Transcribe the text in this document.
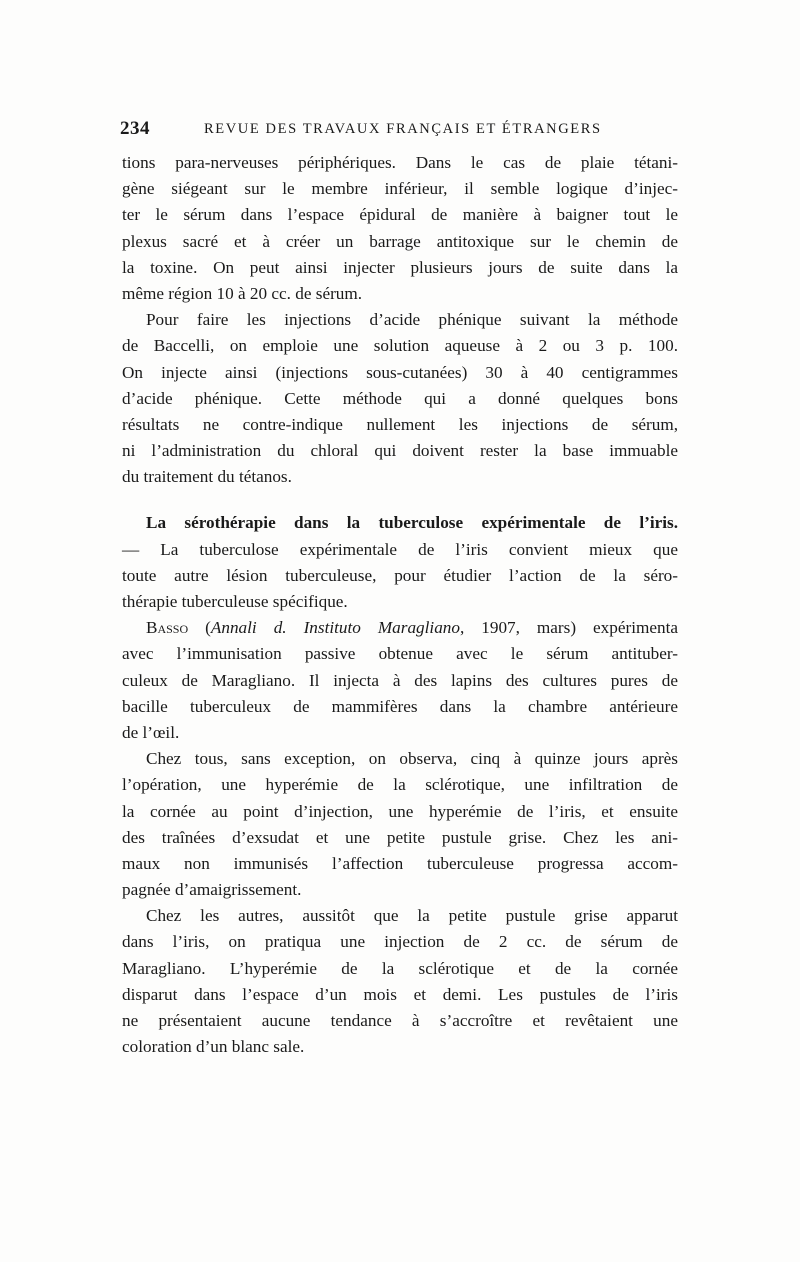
234	REVUE DES TRAVAUX FRANÇAIS ET ÉTRANGERS
tions para-nerveuses périphériques. Dans le cas de plaie tétani-
gène siégeant sur le membre inférieur, il semble logique d’injec-
ter le sérum dans l’espace épidural de manière à baigner tout le
plexus sacré et à créer un barrage antitoxique sur le chemin de
la toxine. On peut ainsi injecter plusieurs jours de suite dans la
même région 10 à 20 cc. de sérum.
Pour faire les injections d’acide phénique suivant la méthode
de Baccelli, on emploie une solution aqueuse à 2 ou 3 p. 100.
On injecte ainsi (injections sous-cutanées) 30 à 40 centigrammes
d’acide phénique. Cette méthode qui a donné quelques bons
résultats ne contre-indique nullement les injections de sérum,
ni l’administration du chloral qui doivent rester la base immuable
du traitement du tétanos.
La sérothérapie dans la tuberculose expérimentale de l’iris.
— La tuberculose expérimentale de l’iris convient mieux que
toute autre lésion tuberculeuse, pour étudier l’action de la séro-
thérapie tuberculeuse spécifique.
Basso (Annali d. Instituto Maragliano, 1907, mars) expérimenta
avec l’immunisation passive obtenue avec le sérum antituber-
culeux de Maragliano. Il injecta à des lapins des cultures pures de
bacille tuberculeux de mammifères dans la chambre antérieure
de l’œil.
Chez tous, sans exception, on observa, cinq à quinze jours après
l’opération, une hyperémie de la sclérotique, une infiltration de
la cornée au point d’injection, une hyperémie de l’iris, et ensuite
des traînées d’exsudat et une petite pustule grise. Chez les ani-
maux non immunisés l’affection tuberculeuse progressa accom-
pagnée d’amaigrissement.
Chez les autres, aussitôt que la petite pustule grise apparut
dans l’iris, on pratiqua une injection de 2 cc. de sérum de
Maragliano. L’hyperémie de la sclérotique et de la cornée
disparut dans l’espace d’un mois et demi. Les pustules de l’iris
ne présentaient aucune tendance à s’accroître et revêtaient une
coloration d’un blanc sale.
